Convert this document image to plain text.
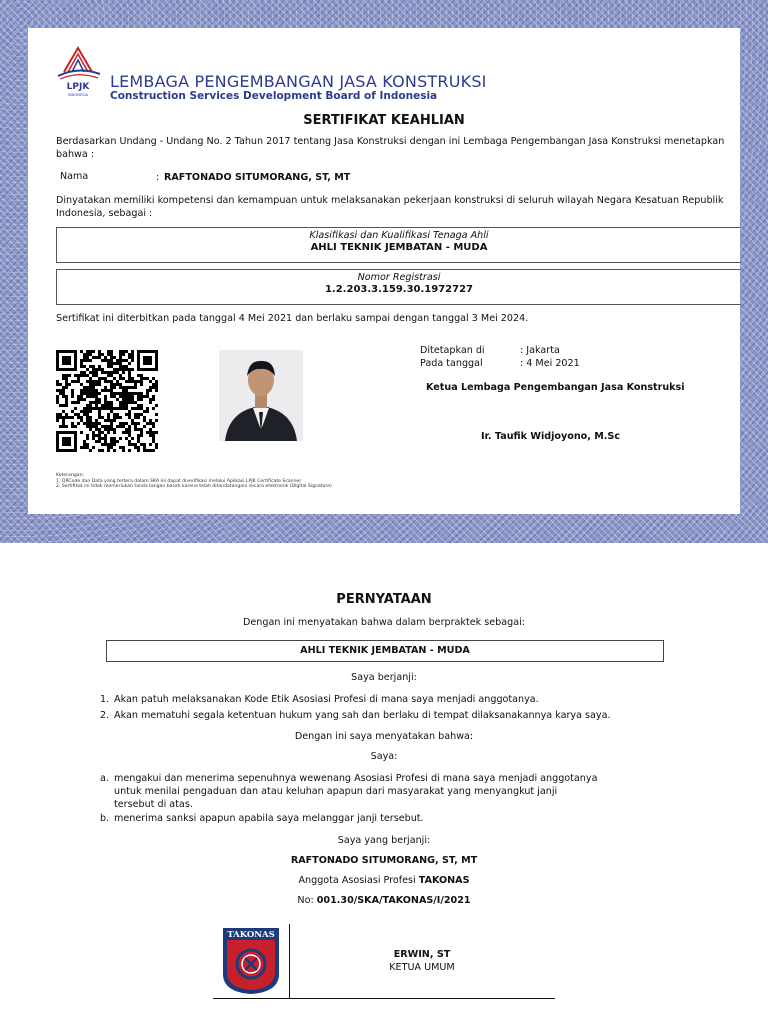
LPJK
INDONESIA
LEMBAGA PENGEMBANGAN JASA KONSTRUKSI
Construction Services Development Board of Indonesia
SERTIFIKAT KEAHLIAN
Berdasarkan Undang - Undang No. 2 Tahun 2017 tentang Jasa Konstruksi dengan ini Lembaga Pengembangan Jasa Konstruksi menetapkan
bahwa :
Nama	: RAFTONADO SITUMORANG, ST, MT
Dinyatakan memiliki kompetensi dan kemampuan untuk melaksanakan pekerjaan konstruksi di seluruh wilayah Negara Kesatuan Republik
Indonesia, sebagai :
Klasifikasi dan Kualifikasi Tenaga Ahli
AHLI TEKNIK JEMBATAN - MUDA
Nomor Registrasi
1.2.203.3.159.30.1972727
Sertifikat ini diterbitkan pada tanggal 4 Mei 2021 dan berlaku sampai dengan tanggal 3 Mei 2024.
Ditetapkan di	: Jakarta
Pada tanggal	: 4 Mei 2021
Ketua Lembaga Pengembangan Jasa Konstruksi
Ir. Taufik Widjoyono, M.Sc
Keterangan:
1. QRCode dan Data yang tertera dalam SKA ini dapat diverifikasi melalui Aplikasi LPJK Certificate Scanner
2. Sertifikat ini tidak memerlukan tanda tangan basah karena telah ditandatangani secara elektronik (Digital Signature)
PERNYATAAN
Dengan ini menyatakan bahwa dalam berpraktek sebagai:
AHLI TEKNIK JEMBATAN - MUDA
Saya berjanji:
1. Akan patuh melaksanakan Kode Etik Asosiasi Profesi di mana saya menjadi anggotanya.
2. Akan mematuhi segala ketentuan hukum yang sah dan berlaku di tempat dilaksanakannya karya saya.
Dengan ini saya menyatakan bahwa:
Saya:
a. mengakui dan menerima sepenuhnya wewenang Asosiasi Profesi di mana saya menjadi anggotanya
untuk menilai pengaduan dan atau keluhan apapun dari masyarakat yang menyangkut janji
tersebut di atas.
b. menerima sanksi apapun apabila saya melanggar janji tersebut.
Saya yang berjanji:
RAFTONADO SITUMORANG, ST, MT
Anggota Asosiasi Profesi TAKONAS
No: 001.30/SKA/TAKONAS/I/2021
TAKONAS
ERWIN, ST
KETUA UMUM
